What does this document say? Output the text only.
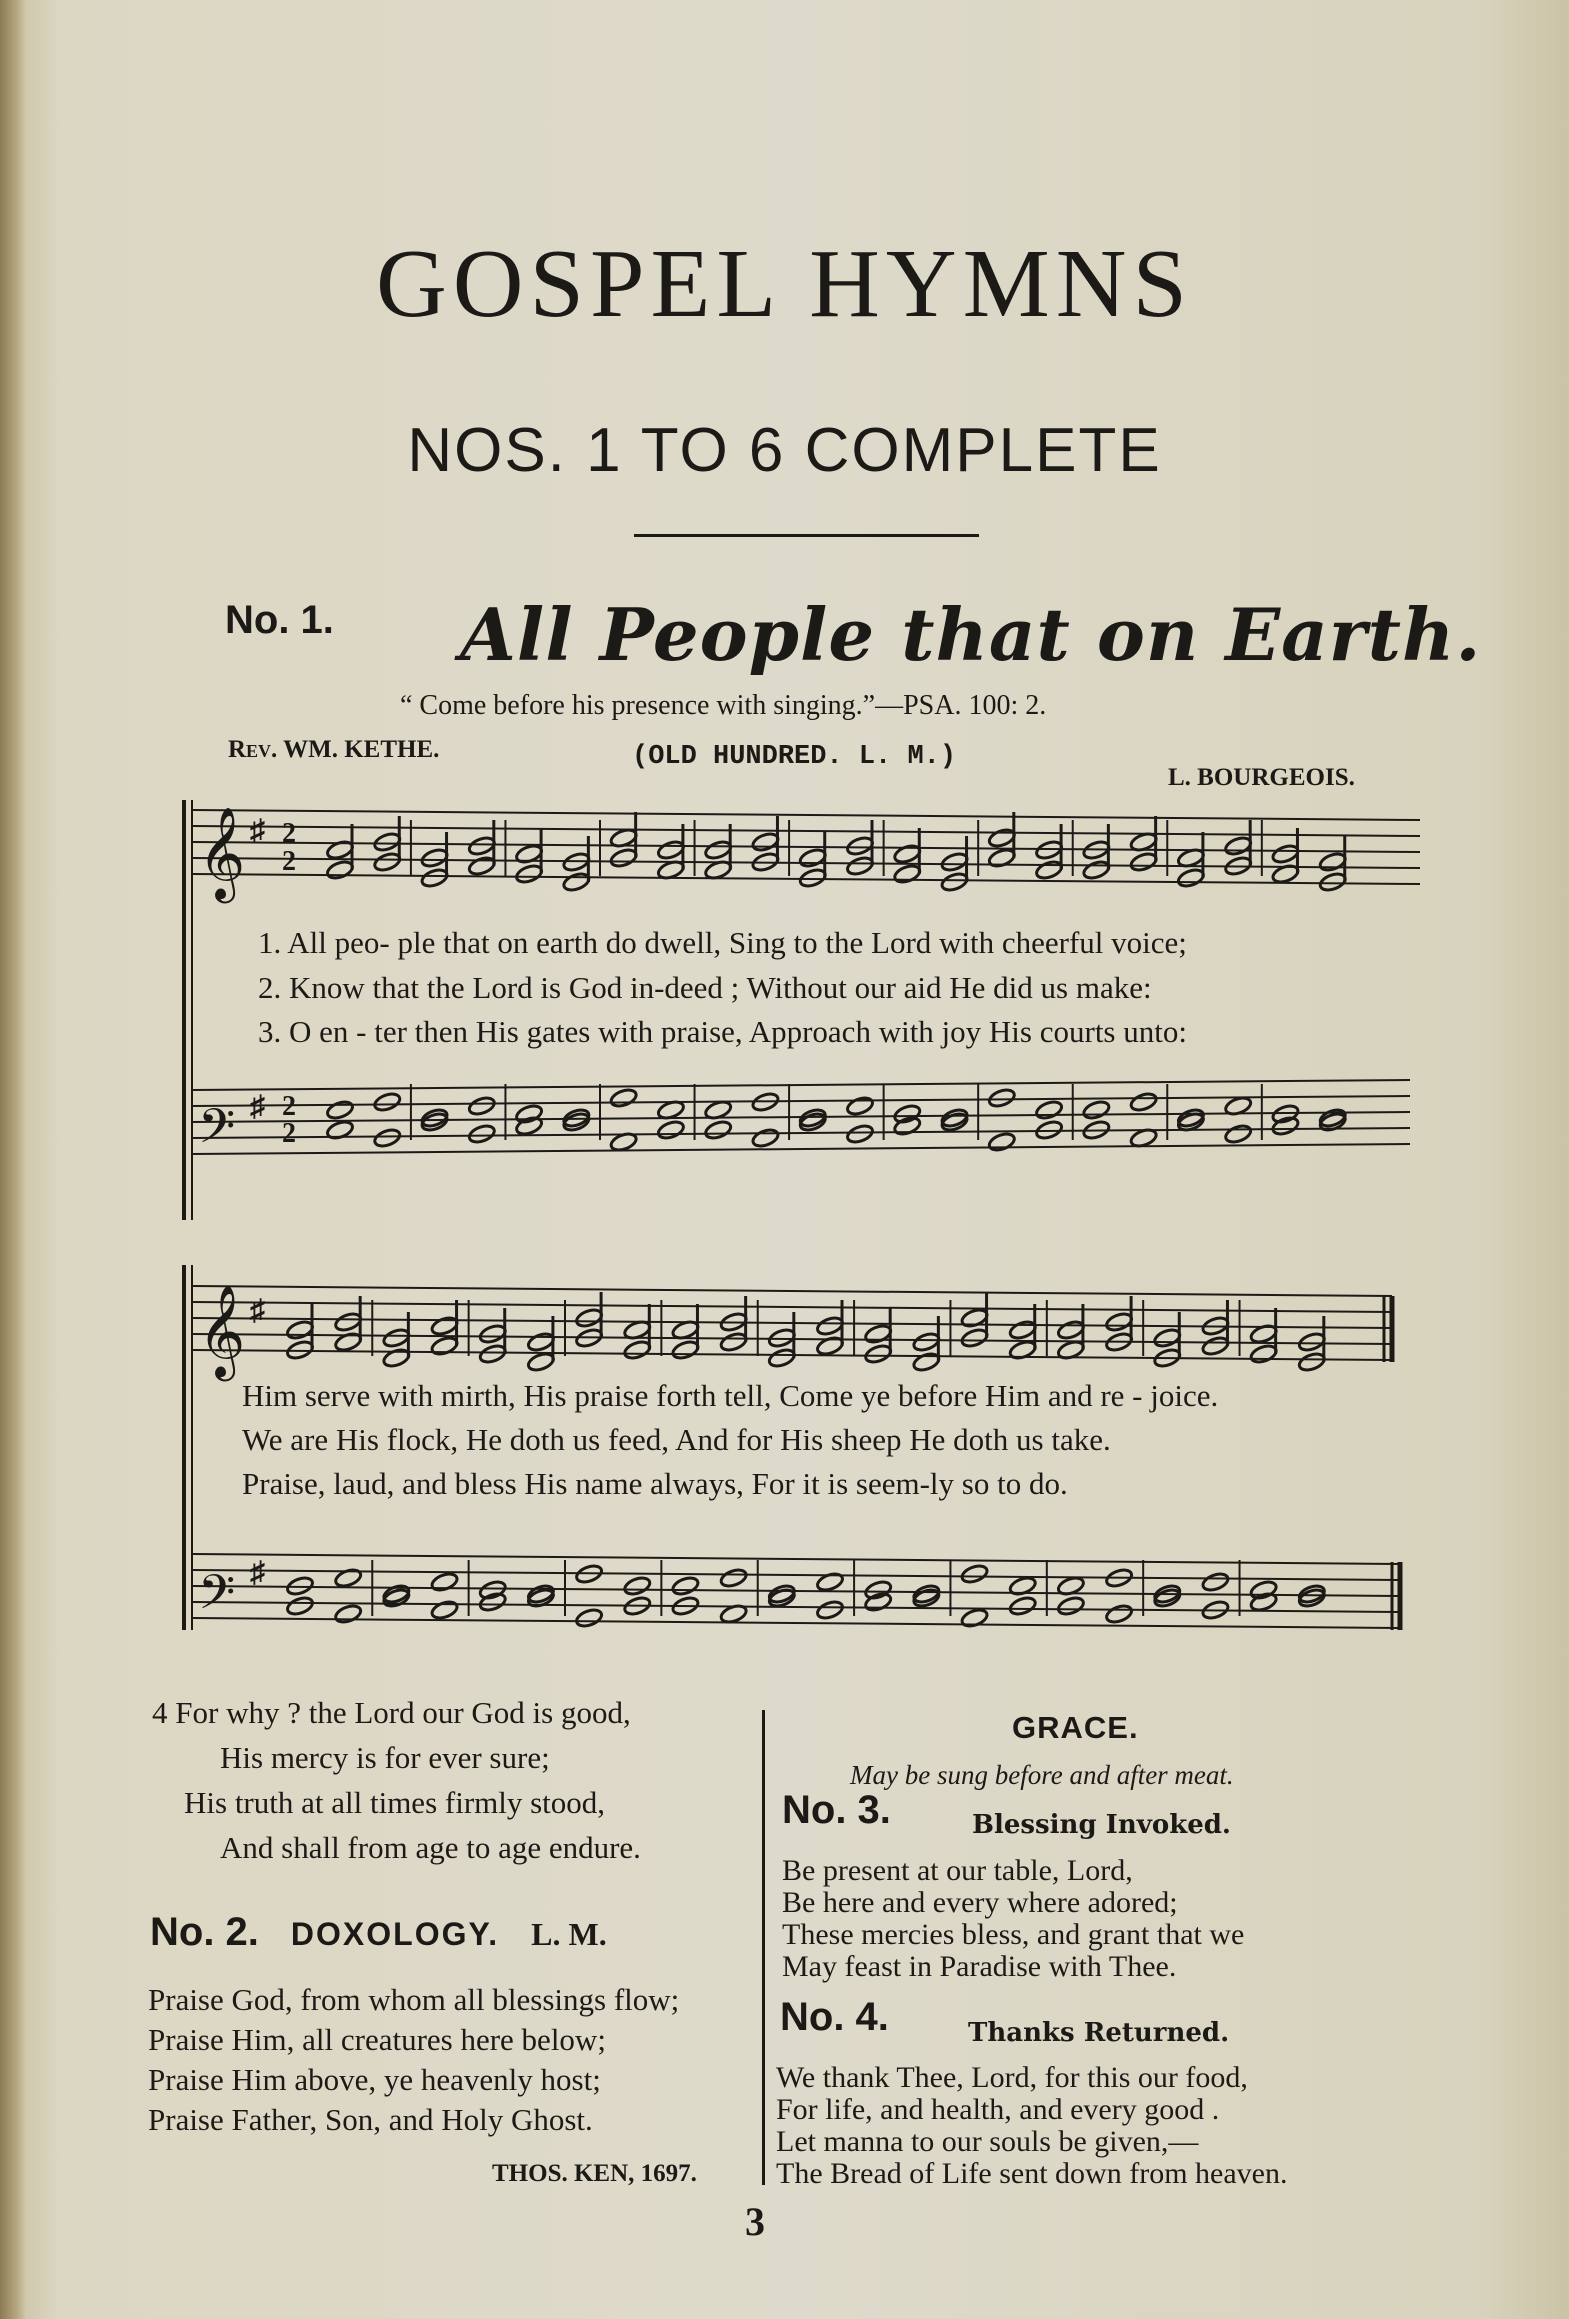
GOSPEL HYMNS
NOS. 1 TO 6 COMPLETE
No. 1. All People that on Earth.
“ Come before his presence with singing.”—PSA. 100: 2.
Rev. WM. KETHE.	(OLD HUNDRED. L. M.)
L. BOURGEOIS.
𝄞 ♯ 2
2
𝄢 ♯ 2
2
1. All peo- ple that on earth do dwell, Sing to the Lord with cheerful voice;
2. Know that the Lord is God in-deed ; Without our aid He did us make:
3. O en - ter then His gates with praise, Approach with joy His courts unto:
𝄞 ♯
𝄢 ♯
Him serve with mirth, His praise forth tell, Come ye before Him and re - joice.
We are His flock, He doth us feed, And for His sheep He doth us take.
Praise, laud, and bless His name always, For it is seem-ly so to do.
4 For why ? the Lord our God is good,
His mercy is for ever sure;
His truth at all times firmly stood,
And shall from age to age endure.
No. 2. DOXOLOGY. L. M.
Praise God, from whom all blessings flow;
Praise Him, all creatures here below;
Praise Him above, ye heavenly host;
Praise Father, Son, and Holy Ghost.
THOS. KEN, 1697.
GRACE.
May be sung before and after meat.
No. 3.	Blessing Invoked.
Be present at our table, Lord,
Be here and every where adored;
These mercies bless, and grant that we
May feast in Paradise with Thee.
No. 4.	Thanks Returned.
We thank Thee, Lord, for this our food,
For life, and health, and every good .
Let manna to our souls be given,—
The Bread of Life sent down from heaven.
3
